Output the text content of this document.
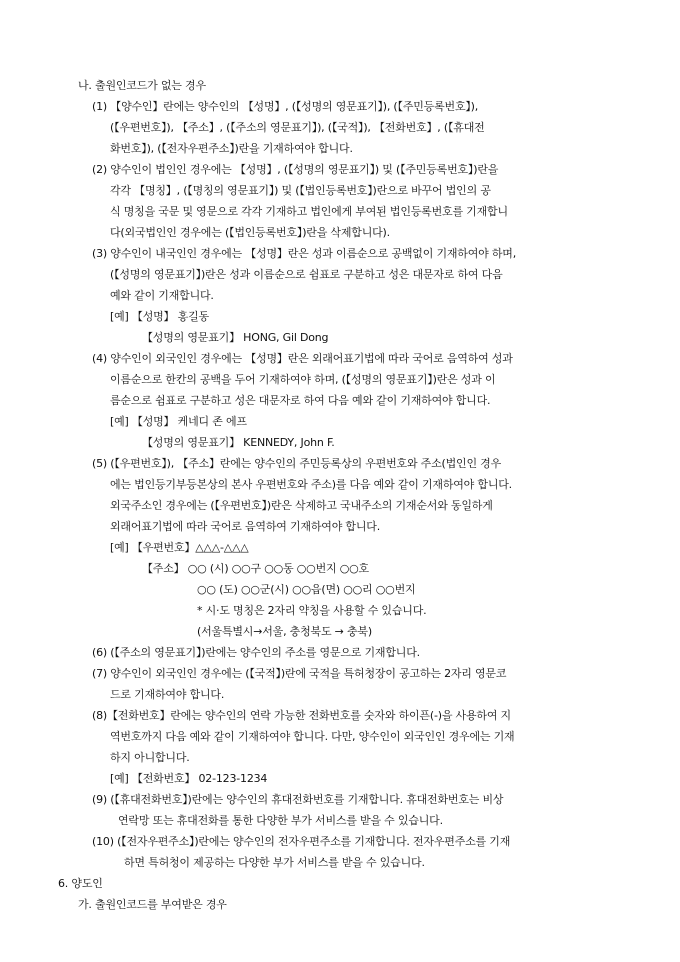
나. 출원인코드가 없는 경우
(1) 【양수인】란에는 양수인의 【성명】, (【성명의 영문표기】), (【주민등록번호】),
(【우편번호】), 【주소】, (【주소의 영문표기】), (【국적】), 【전화번호】, (【휴대전
화번호】), (【전자우편주소】)란을 기재하여야 합니다.
(2) 양수인이 법인인 경우에는 【성명】, (【성명의 영문표기】) 및 (【주민등록번호】)란을
각각 【명칭】, (【명칭의 영문표기】) 및 (【법인등록번호】)란으로 바꾸어 법인의 공
식 명칭을 국문 및 영문으로 각각 기재하고 법인에게 부여된 법인등록번호를 기재합니
다(외국법인인 경우에는 (【법인등록번호】)란을 삭제합니다).
(3) 양수인이 내국인인 경우에는 【성명】란은 성과 이름순으로 공백없이 기재하여야 하며,
(【성명의 영문표기】)란은 성과 이름순으로 쉼표로 구분하고 성은 대문자로 하여 다음
예와 같이 기재합니다.
[예] 【성명】 홍길동
【성명의 영문표기】 HONG, Gil Dong
(4) 양수인이 외국인인 경우에는 【성명】란은 외래어표기법에 따라 국어로 음역하여 성과
이름순으로 한칸의 공백을 두어 기재하여야 하며, (【성명의 영문표기】)란은 성과 이
름순으로 쉼표로 구분하고 성은 대문자로 하여 다음 예와 같이 기재하여야 합니다.
[예] 【성명】 케네디 존 에프
【성명의 영문표기】 KENNEDY, John F.
(5) (【우편번호】), 【주소】란에는 양수인의 주민등록상의 우편번호와 주소(법인인 경우
에는 법인등기부등본상의 본사 우편번호와 주소)를 다음 예와 같이 기재하여야 합니다.
외국주소인 경우에는 (【우편번호】)란은 삭제하고 국내주소의 기재순서와 동일하게
외래어표기법에 따라 국어로 음역하여 기재하여야 합니다.
[예] 【우편번호】△△△-△△△
【주소】 ○○ (시) ○○구 ○○동 ○○번지 ○○호
○○ (도) ○○군(시) ○○읍(면) ○○리 ○○번지
* 시·도 명칭은 2자리 약칭을 사용할 수 있습니다.
(서울특별시→서울, 충청북도 → 충북)
(6) (【주소의 영문표기】)란에는 양수인의 주소를 영문으로 기재합니다.
(7) 양수인이 외국인인 경우에는 (【국적】)란에 국적을 특허청장이 공고하는 2자리 영문코
드로 기재하여야 합니다.
(8)【전화번호】란에는 양수인의 연락 가능한 전화번호를 숫자와 하이픈(-)을 사용하여 지
역번호까지 다음 예와 같이 기재하여야 합니다. 다만, 양수인이 외국인인 경우에는 기재
하지 아니합니다.
[예] 【전화번호】 02-123-1234
(9) (【휴대전화번호】)란에는 양수인의 휴대전화번호를 기재합니다. 휴대전화번호는 비상
연락망 또는 휴대전화를 통한 다양한 부가 서비스를 받을 수 있습니다.
(10) (【전자우편주소】)란에는 양수인의 전자우편주소를 기재합니다. 전자우편주소를 기재
하면 특허청이 제공하는 다양한 부가 서비스를 받을 수 있습니다.
6. 양도인
가. 출원인코드를 부여받은 경우
